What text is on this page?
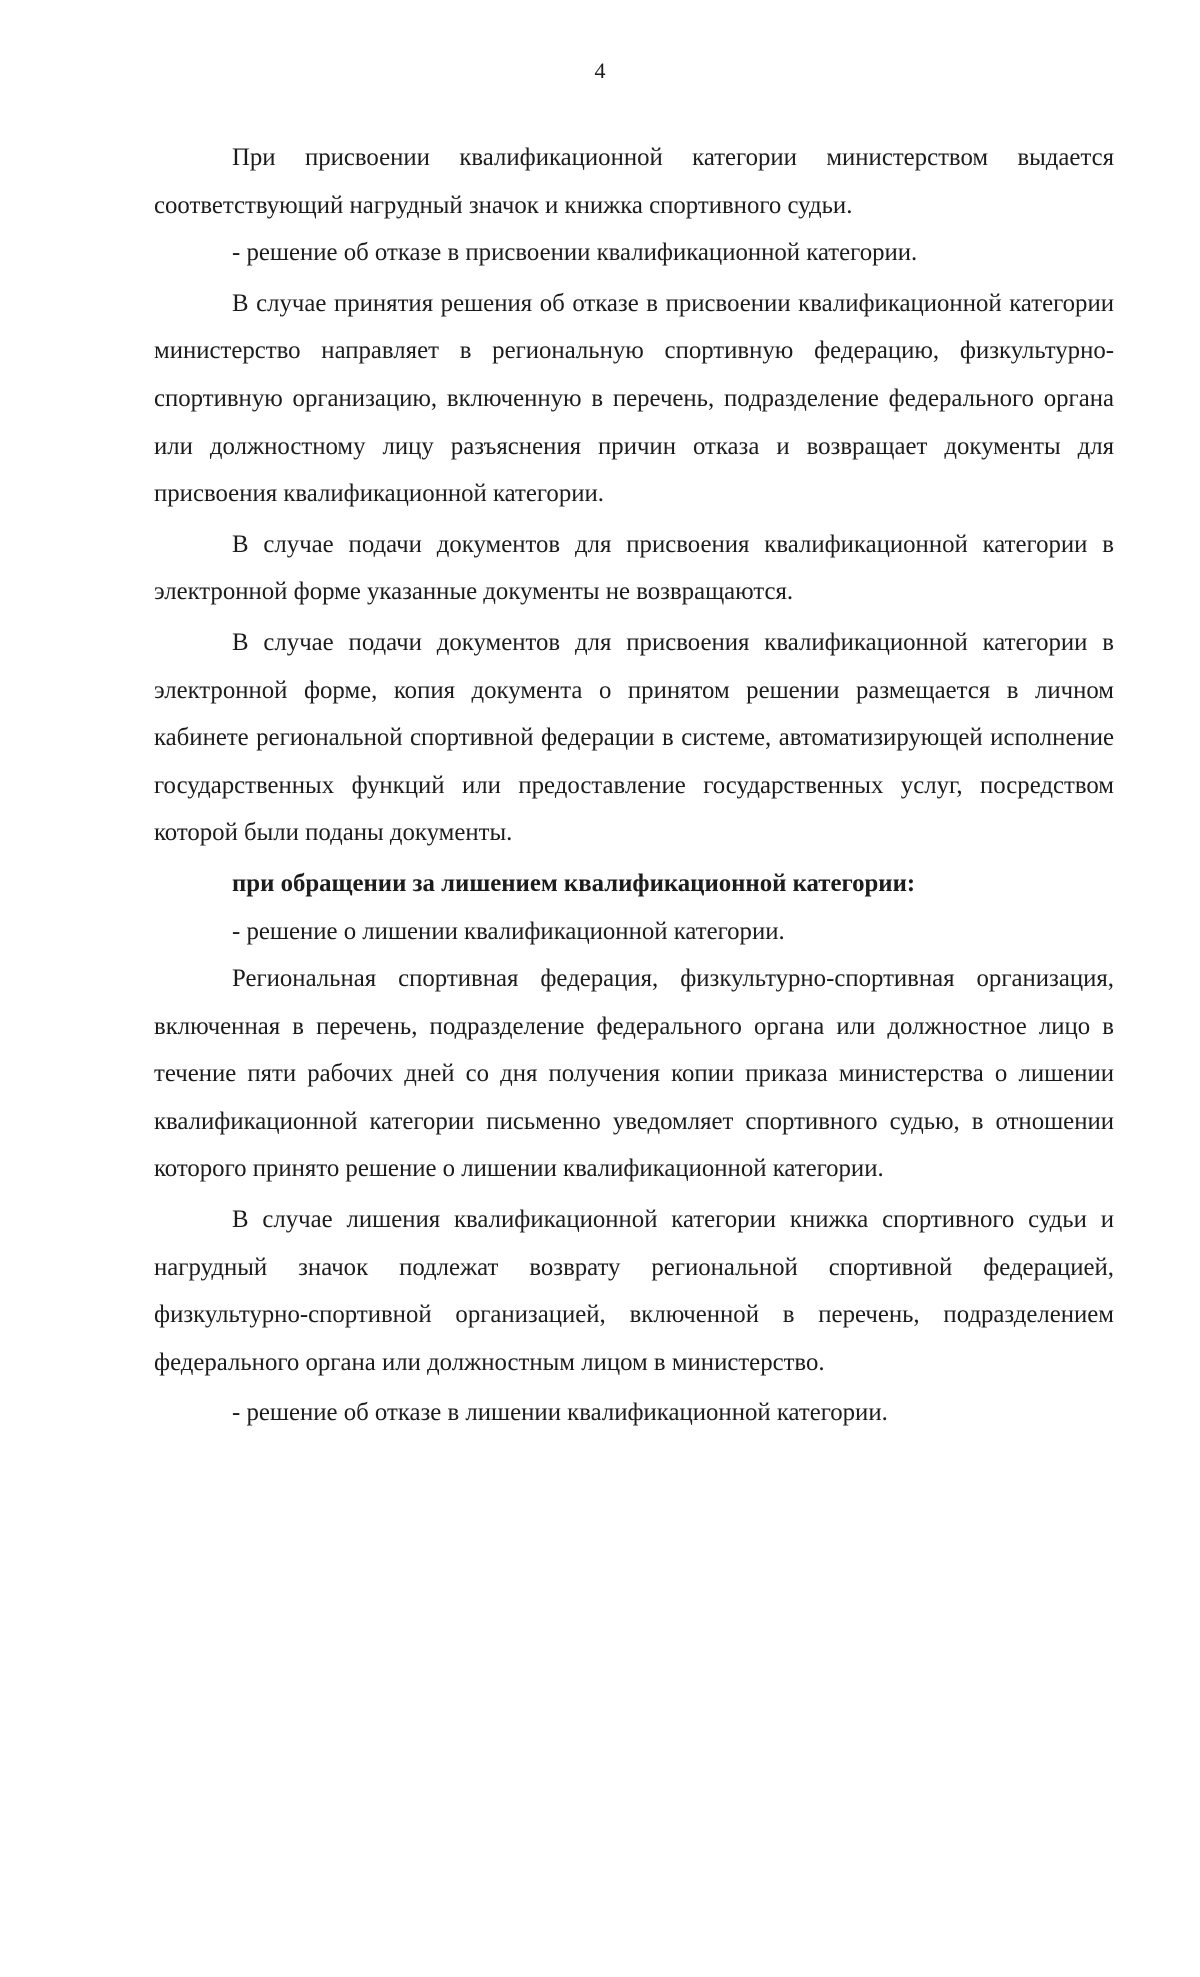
4

При присвоении квалификационной категории министерством выдается соответствующий нагрудный значок и книжка спортивного судьи.

- решение об отказе в присвоении квалификационной категории.

В случае принятия решения об отказе в присвоении квалификационной категории министерство направляет в региональную спортивную федерацию, физкультурно-спортивную организацию, включенную в перечень, подразделение федерального органа или должностному лицу разъяснения причин отказа и возвращает документы для присвоения квалификационной категории.

В случае подачи документов для присвоения квалификационной категории в электронной форме указанные документы не возвращаются.

В случае подачи документов для присвоения квалификационной категории в электронной форме, копия документа о принятом решении размещается в личном кабинете региональной спортивной федерации в системе, автоматизирующей исполнение государственных функций или предоставление государственных услуг, посредством которой были поданы документы.

при обращении за лишением квалификационной категории:

- решение о лишении квалификационной категории.

Региональная спортивная федерация, физкультурно-спортивная организация, включенная в перечень, подразделение федерального органа или должностное лицо в течение пяти рабочих дней со дня получения копии приказа министерства о лишении квалификационной категории письменно уведомляет спортивного судью, в отношении которого принято решение о лишении квалификационной категории.

В случае лишения квалификационной категории книжка спортивного судьи и нагрудный значок подлежат возврату региональной спортивной федерацией, физкультурно-спортивной организацией, включенной в перечень, подразделением федерального органа или должностным лицом в министерство.

- решение об отказе в лишении квалификационной категории.
